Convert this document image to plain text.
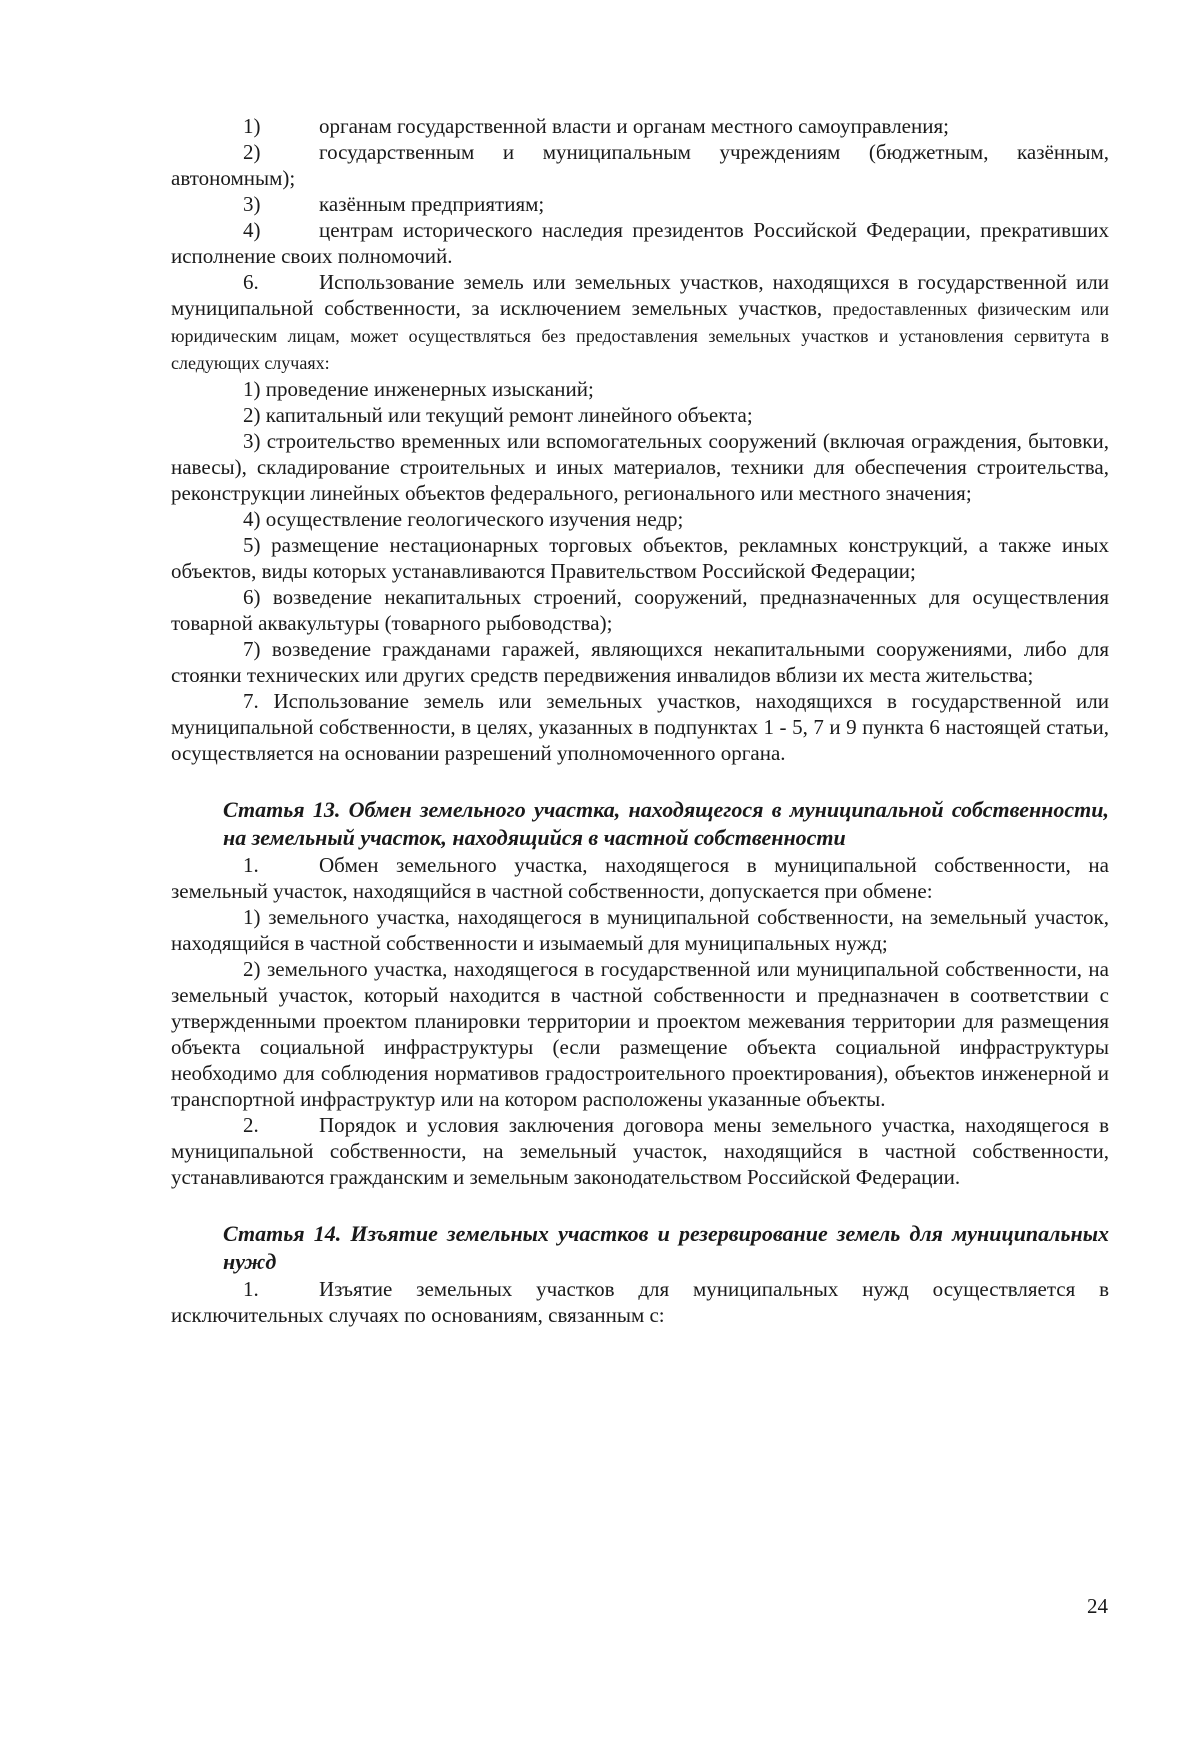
1)	органам государственной власти и органам местного самоуправления;

2)	государственным и муниципальным учреждениям (бюджетным, казённым, автономным);

3)	казённым предприятиям;

4)	центрам исторического наследия президентов Российской Федерации, прекративших исполнение своих полномочий.

6.	Использование земель или земельных участков, находящихся в государственной или муниципальной собственности, за исключением земельных участков, предоставленных физическим или юридическим лицам, может осуществляться без предоставления земельных участков и установления сервитута в следующих случаях:

1) проведение инженерных изысканий;

2) капитальный или текущий ремонт линейного объекта;

3) строительство временных или вспомогательных сооружений (включая ограждения, бытовки, навесы), складирование строительных и иных материалов, техники для обеспечения строительства, реконструкции линейных объектов федерального, регионального или местного значения;

4) осуществление геологического изучения недр;

5) размещение нестационарных торговых объектов, рекламных конструкций, а также иных объектов, виды которых устанавливаются Правительством Российской Федерации;

6) возведение некапитальных строений, сооружений, предназначенных для осуществления товарной аквакультуры (товарного рыбоводства);

7) возведение гражданами гаражей, являющихся некапитальными сооружениями, либо для стоянки технических или других средств передвижения инвалидов вблизи их места жительства;

7. Использование земель или земельных участков, находящихся в государственной или муниципальной собственности, в целях, указанных в подпунктах 1 - 5, 7 и 9 пункта 6 настоящей статьи, осуществляется на основании разрешений уполномоченного органа.

Статья 13. Обмен земельного участка, находящегося в муниципальной собственности, на земельный участок, находящийся в частной собственности

1.	Обмен земельного участка, находящегося в муниципальной собственности, на земельный участок, находящийся в частной собственности, допускается при обмене:

1) земельного участка, находящегося в муниципальной собственности, на земельный участок, находящийся в частной собственности и изымаемый для муниципальных нужд;

2) земельного участка, находящегося в государственной или муниципальной собственности, на земельный участок, который находится в частной собственности и предназначен в соответствии с утвержденными проектом планировки территории и проектом межевания территории для размещения объекта социальной инфраструктуры (если размещение объекта социальной инфраструктуры необходимо для соблюдения нормативов градостроительного проектирования), объектов инженерной и транспортной инфраструктур или на котором расположены указанные объекты.

2.	Порядок и условия заключения договора мены земельного участка, находящегося в муниципальной собственности, на земельный участок, находящийся в частной собственности, устанавливаются гражданским и земельным законодательством Российской Федерации.

Статья 14. Изъятие земельных участков и резервирование земель для муниципальных нужд

1.	Изъятие земельных участков для муниципальных нужд осуществляется в исключительных случаях по основаниям, связанным с:

24
